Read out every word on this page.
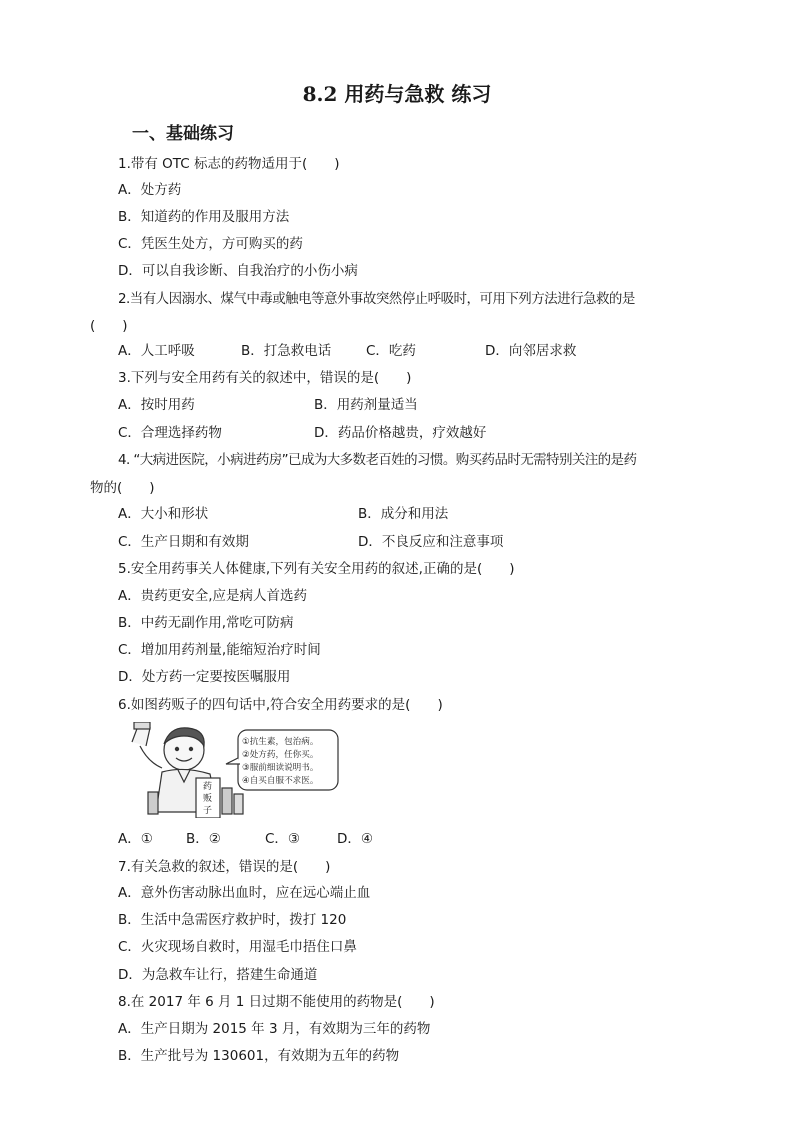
8.2 用药与急救 练习
一、基础练习
1.带有 OTC 标志的药物适用于(　　)
A．处方药
B．知道药的作用及服用方法
C．凭医生处方，方可购买的药
D．可以自我诊断、自我治疗的小伤小病
2.当有人因溺水、煤气中毒或触电等意外事故突然停止呼吸时，可用下列方法进行急救的是
(　　)
A．人工呼吸	B．打急救电话	C．吃药	D．向邻居求救
3.下列与安全用药有关的叙述中，错误的是(　　)
A．按时用药	B．用药剂量适当
C．合理选择药物	D．药品价格越贵，疗效越好
4. “大病进医院，小病进药房”已成为大多数老百姓的习惯。购买药品时无需特别关注的是药
物的(　　)
A．大小和形状	B．成分和用法
C．生产日期和有效期	D．不良反应和注意事项
5.安全用药事关人体健康,下列有关安全用药的叙述,正确的是(　　)
A．贵药更安全,应是病人首选药
B．中药无副作用,常吃可防病
C．增加用药剂量,能缩短治疗时间
D．处方药一定要按医嘱服用
6.如图药贩子的四句话中,符合安全用药要求的是(　　)
药
贩
子
①抗生素，包治病。
②处方药，任你买。
③服前细读说明书。
④自买自服不求医。
A．① B．②	C．③	D．④
7.有关急救的叙述，错误的是(　　)
A．意外伤害动脉出血时，应在远心端止血
B．生活中急需医疗救护时，拨打 120
C．火灾现场自救时，用湿毛巾捂住口鼻
D．为急救车让行，搭建生命通道
8.在 2017 年 6 月 1 日过期不能使用的药物是(　　)
A．生产日期为 2015 年 3 月，有效期为三年的药物
B．生产批号为 130601，有效期为五年的药物
